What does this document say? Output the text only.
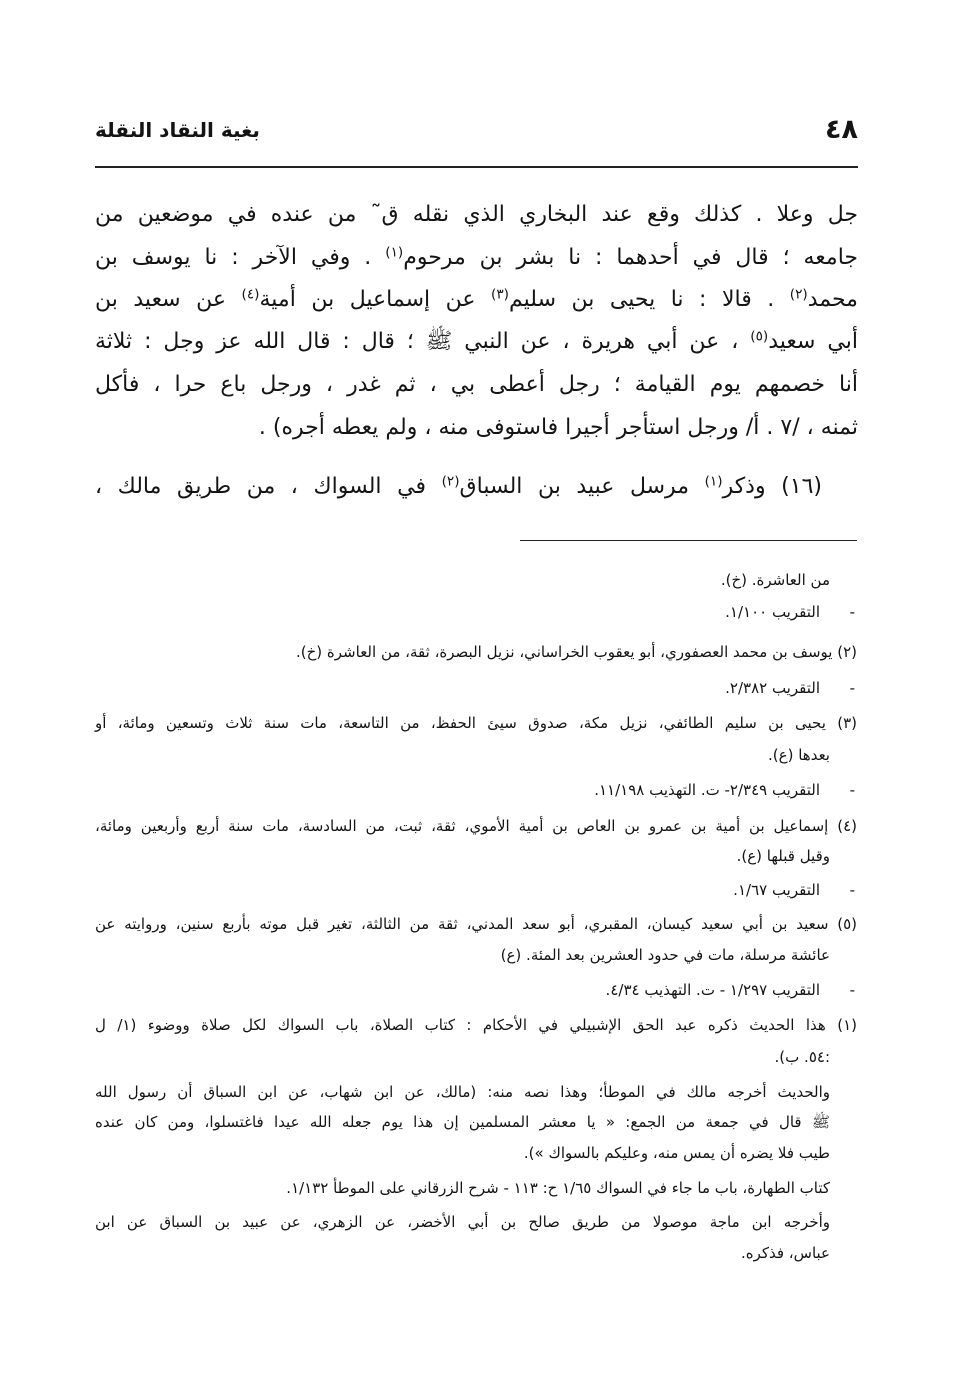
٤٨
بغية النقاد النقلة
جل وعلا . كذلك وقع عند البخاري الذي نقله ق˜ من عنده في موضعين من
جامعه ؛ قال في أحدهما : نا بشر بن مرحوم$^{(١)}$ . وفي الآخر : نا يوسف بن
محمد$^{(٢)}$ . قالا : نا يحيى بن سليم$^{(٣)}$ عن إسماعيل بن أمية$^{(٤)}$ عن سعيد بن
أبي سعيد$^{(٥)}$ ، عن أبي هريرة ، عن النبي ﷺ ؛ قال : قال الله عز وجل : ثلاثة
أنا خصمهم يوم القيامة ؛ رجل أعطى بي ، ثم غدر ، ورجل باع حرا ، فأكل
ثمنه ، /٧ . أ/ ورجل استأجر أجيرا فاستوفى منه ، ولم يعطه أجره) .
(١٦) وذكر$^{(١)}$ مرسل عبيد بن السباق$^{(٢)}$ في السواك ، من طريق مالك ،
من العاشرة. (خ).
-
التقريب ١/١٠٠.
(٢) يوسف بن محمد العصفوري، أبو يعقوب الخراساني، نزيل البصرة، ثقة، من العاشرة (خ).
-
التقريب ٢/٣٨٢.
(٣) يحيى بن سليم الطائفي، نزيل مكة، صدوق سيئ الحفظ، من التاسعة، مات سنة ثلاث وتسعين ومائة، أو
بعدها (ع).
-
التقريب ٢/٣٤٩- ت. التهذيب ١١/١٩٨.
(٤) إسماعيل بن أمية بن عمرو بن العاص بن أمية الأموي، ثقة، ثبت، من السادسة، مات سنة أربع وأربعين ومائة،
وقيل قبلها (ع).
-
التقريب ١/٦٧.
(٥) سعيد بن أبي سعيد كيسان، المقبري، أبو سعد المدني، ثقة من الثالثة، تغير قبل موته بأربع سنين، وروايته عن
عائشة مرسلة، مات في حدود العشرين بعد المئة. (ع)
-
التقريب ١/٢٩٧ - ت. التهذيب ٤/٣٤.
(١) هذا الحديث ذكره عبد الحق الإشبيلي في الأحكام : كتاب الصلاة، باب السواك لكل صلاة ووضوء (١/ ل
:٥٤. ب).
والحديث أخرجه مالك في الموطأ؛ وهذا نصه منه: (مالك، عن ابن شهاب، عن ابن السباق أن رسول الله
ﷺ قال في جمعة من الجمع: « يا معشر المسلمين إن هذا يوم جعله الله عيدا فاغتسلوا، ومن كان عنده
طيب فلا يضره أن يمس منه، وعليكم بالسواك »).
كتاب الطهارة، باب ما جاء في السواك ١/٦٥ ح: ١١٣ - شرح الزرقاني على الموطأ ١/١٣٢.
وأخرجه ابن ماجة موصولا من طريق صالح بن أبي الأخضر، عن الزهري، عن عبيد بن السباق عن ابن
عباس، فذكره.
